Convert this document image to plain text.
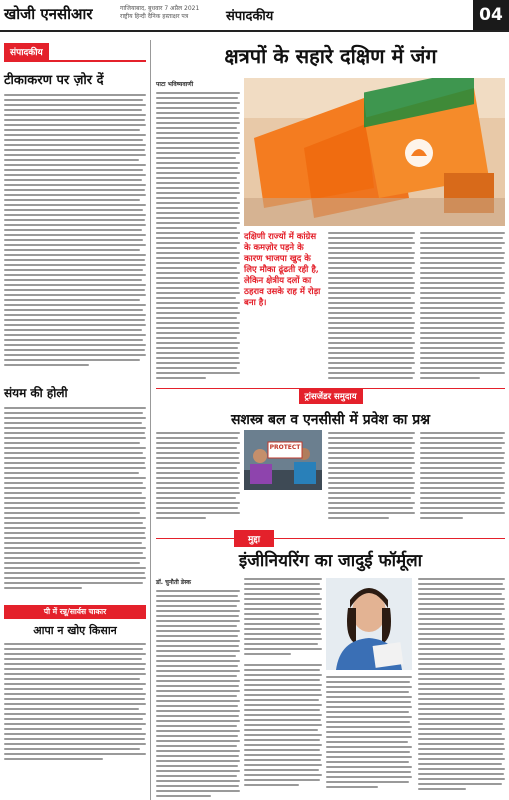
खोजी एनसीआर	गाजियाबाद, बुधवार 7 अप्रैल 2021
राष्ट्रीय हिन्दी दैनिक हस्ताक्षर पत्र	संपादकीय	04
संपादकीय
टीकाकरण पर ज़ोर दें
संयम की होली
पी में रन्नू/सार्वस चाकार
आपा न खोए किसान
क्षत्रपों के सहारे दक्षिण में जंग
पाटा भविष्यवाणी
दक्षिणी राज्यों में कांग्रेस के कमज़ोर पड़ने के कारण भाजपा खुद के लिए मौका ढूंढती रही है, लेकिन क्षेत्रीय दलों का ठहराव उसके राह में रोड़ा बना है।
ट्रांसजेंडर समुदाय
सशस्त्र बल व एनसीसी में प्रवेश का प्रश्न
PROTECT
मुद्दा
इंजीनियरिंग का जादुई फॉर्मूला
डॉ. चुनौती डेस्क
